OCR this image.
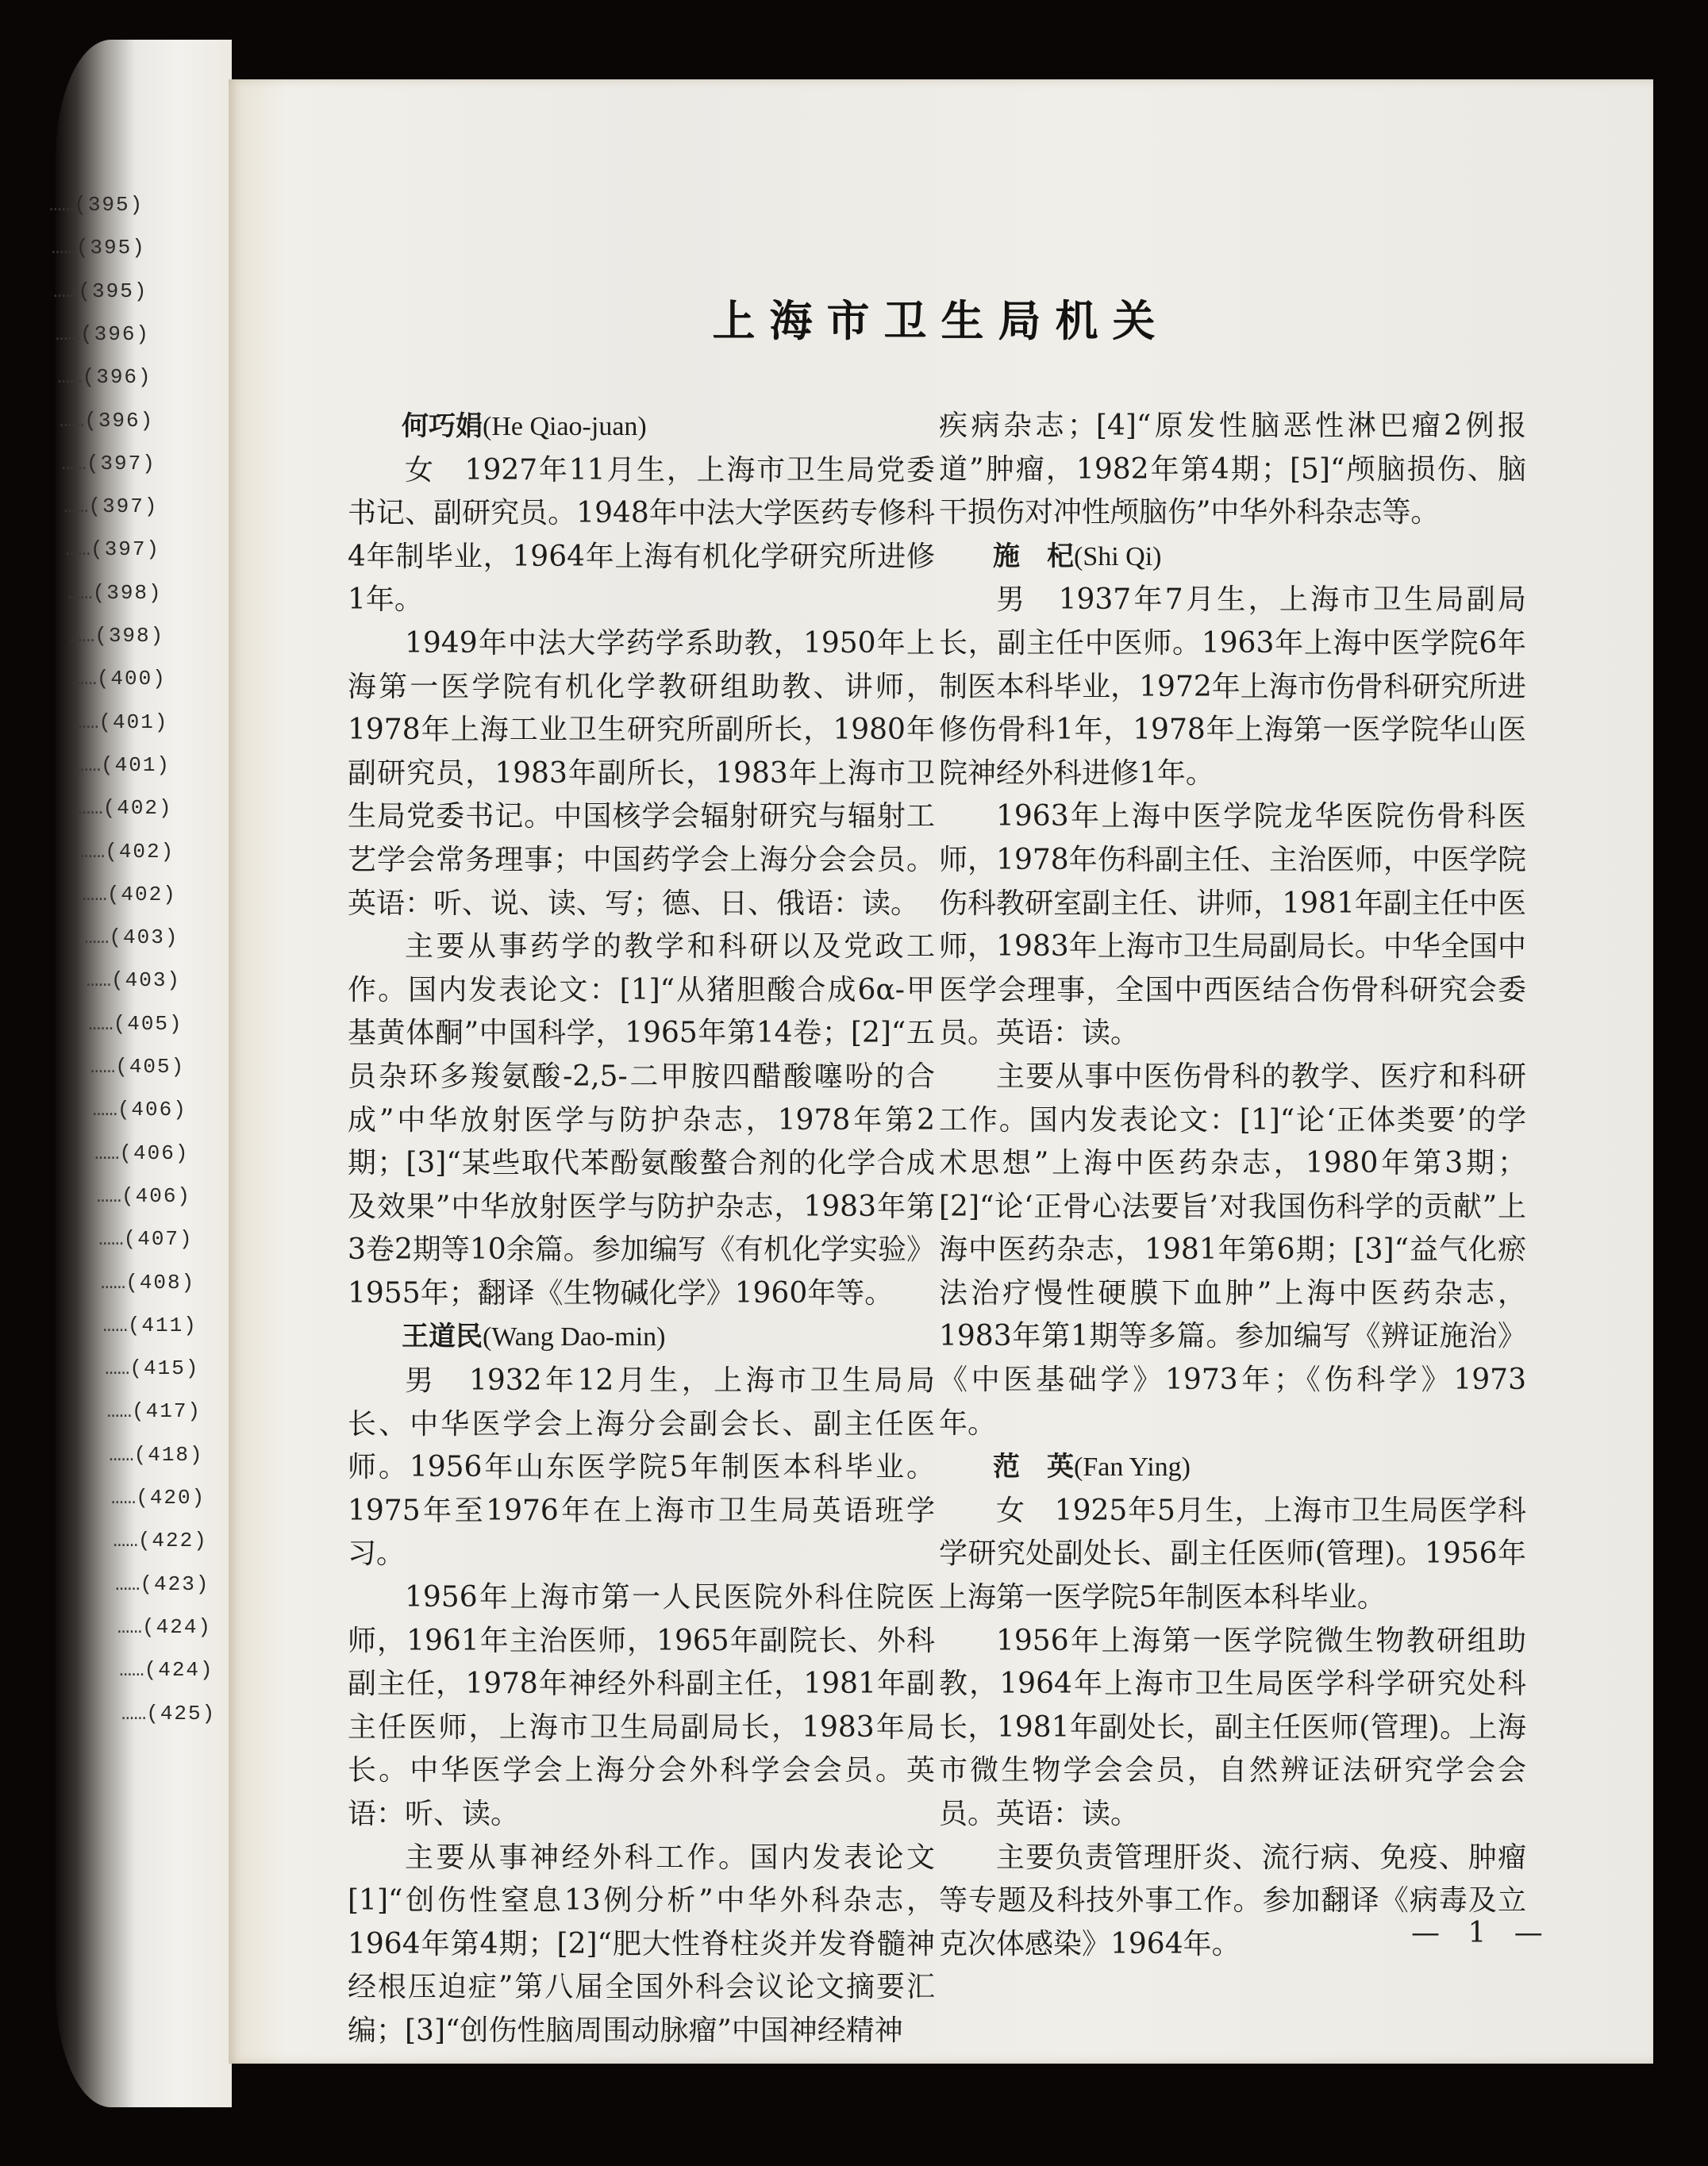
……(395)
……(395)
……(395)
……(396)
……(396)
……(396)
……(397)
……(397)
……(397)
……(398)
……(398)
……(400)
……(401)
……(401)
……(402)
……(402)
……(402)
……(403)
……(403)
……(405)
……(405)
……(406)
……(406)
……(406)
……(407)
……(408)
……(411)
……(415)
……(417)
……(418)
……(420)
……(422)
……(423)
……(424)
……(424)
……(425)
上海市卫生局机关
何巧娟(He Qiao-juan)

女　1927年11月生，上海市卫生局党委书记、副研究员。1948年中法大学医药专修科4年制毕业，1964年上海有机化学研究所进修1年。

1949年中法大学药学系助教，1950年上海第一医学院有机化学教研组助教、讲师，1978年上海工业卫生研究所副所长，1980年副研究员，1983年副所长，1983年上海市卫生局党委书记。中国核学会辐射研究与辐射工艺学会常务理事；中国药学会上海分会会员。英语：听、说、读、写；德、日、俄语：读。

主要从事药学的教学和科研以及党政工作。国内发表论文：[1]“从猪胆酸合成6α-甲基黄体酮”中国科学，1965年第14卷；[2]“五员杂环多羧氨酸-2,5-二甲胺四醋酸噻吩的合成”中华放射医学与防护杂志，1978年第2期；[3]“某些取代苯酚氨酸螯合剂的化学合成及效果”中华放射医学与防护杂志，1983年第3卷2期等10余篇。参加编写《有机化学实验》1955年；翻译《生物碱化学》1960年等。

王道民(Wang Dao-min)

男　1932年12月生，上海市卫生局局长、中华医学会上海分会副会长、副主任医师。1956年山东医学院5年制医本科毕业。1975年至1976年在上海市卫生局英语班学习。

1956年上海市第一人民医院外科住院医师，1961年主治医师，1965年副院长、外科副主任，1978年神经外科副主任，1981年副主任医师，上海市卫生局副局长，1983年局长。中华医学会上海分会外科学会会员。英语：听、读。

主要从事神经外科工作。国内发表论文[1]“创伤性窒息13例分析”中华外科杂志，1964年第4期；[2]“肥大性脊柱炎并发脊髓神经根压迫症”第八届全国外科会议论文摘要汇编；[3]“创伤性脑周围动脉瘤”中国神经精神

疾病杂志；[4]“原发性脑恶性淋巴瘤2例报道”肿瘤，1982年第4期；[5]“颅脑损伤、脑干损伤对冲性颅脑伤”中华外科杂志等。

施　杞(Shi Qi)

男　1937年7月生，上海市卫生局副局长，副主任中医师。1963年上海中医学院6年制医本科毕业，1972年上海市伤骨科研究所进修伤骨科1年，1978年上海第一医学院华山医院神经外科进修1年。

1963年上海中医学院龙华医院伤骨科医师，1978年伤科副主任、主治医师，中医学院伤科教研室副主任、讲师，1981年副主任中医师，1983年上海市卫生局副局长。中华全国中医学会理事，全国中西医结合伤骨科研究会委员。英语：读。

主要从事中医伤骨科的教学、医疗和科研工作。国内发表论文：[1]“论‘正体类要’的学术思想”上海中医药杂志，1980年第3期；[2]“论‘正骨心法要旨’对我国伤科学的贡献”上海中医药杂志，1981年第6期；[3]“益气化瘀法治疗慢性硬膜下血肿”上海中医药杂志，1983年第1期等多篇。参加编写《辨证施治》《中医基础学》1973年；《伤科学》1973年。

范　英(Fan Ying)

女　1925年5月生，上海市卫生局医学科学研究处副处长、副主任医师(管理)。1956年上海第一医学院5年制医本科毕业。

1956年上海第一医学院微生物教研组助教，1964年上海市卫生局医学科学研究处科长，1981年副处长，副主任医师(管理)。上海市微生物学会会员，自然辨证法研究学会会员。英语：读。

主要负责管理肝炎、流行病、免疫、肿瘤等专题及科技外事工作。参加翻译《病毒及立克次体感染》1964年。	— 1 —
